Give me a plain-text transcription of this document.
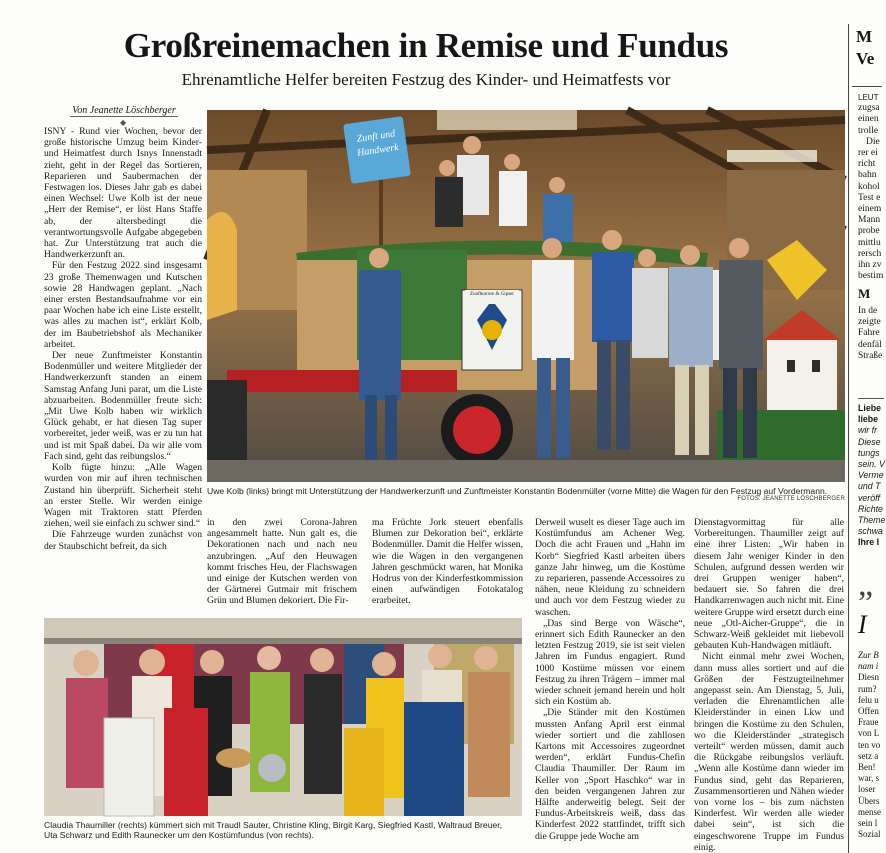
Großreinemachen in Remise und Fundus
Ehrenamtliche Helfer bereiten Festzug des Kinder- und Heimatfests vor
M
Ve
LEUT
zugsa
einen
trolle
Die
rer ei
richt
bahn
kohol
Test e
einem
Mann
probe
mittlu
rersch
ihn zv
bestim
M
In de
zeigte
Fahre
denfäl
Straße
Liebe
liebe
wir fr
Diese
tungs
sein. V
Verme
und T
veröff
Richte
Theme
schwa
Ihre I
„
I
Zur B
nam i
Diesn
rum?
felu u
Offen
Fraue
von L
ten vo
setz a
Ben!
war, s
loser
Übers
mense
sein l
Sozial
Von Jeanette Löschberger
◆

ISNY - Rund vier Wochen, bevor der große historische Umzug beim Kinder- und Heimatfest durch Isnys Innenstadt zieht, geht in der Regel das Sortieren, Reparieren und Saubermachen der Festwagen los. Dieses Jahr gab es dabei einen Wechsel: Uwe Kolb ist der neue „Herr der Remise“, er löst Hans Staffe ab, der altersbedingt die verantwortungsvolle Aufgabe abgegeben hat. Zur Unterstützung trat auch die Handwerkerzunft an.

Für den Festzug 2022 sind insgesamt 23 große Themenwagen und Kutschen sowie 28 Handwagen geplant. „Nach einer ersten Bestandsaufnahme vor ein paar Wochen habe ich eine Liste erstellt, was alles zu machen ist“, erklärt Kolb, der im Baubetriebshof als Mechaniker arbeitet.

Der neue Zunftmeister Konstantin Bodenmüller und weitere Mitglieder der Handwerkerzunft standen an einem Samstag Anfang Juni parat, um die Liste abzuarbeiten. Bodenmüller freute sich: „Mit Uwe Kolb haben wir wirklich Glück gehabt, er hat diesen Tag super vorbereitet, jeder weiß, was er zu tun hat und ist mit Spaß dabei. Da wir alle vom Fach sind, geht das reibungslos.“

Kolb fügte hinzu: „Alle Wagen wurden von mir auf ihren technischen Zustand hin überprüft. Sicherheit steht an erster Stelle. Wir werden einige Wagen mit Traktoren statt Pferden ziehen, weil sie einfach zu schwer sind.“

Die Fahrzeuge wurden zunächst von der Staubschicht befreit, da sich

Zunft und Handwerk
Zunftkorore & Gipser
Uwe Kolb (links) bringt mit Unterstützung der Handwerkerzunft und Zunftmeister Konstantin Bodenmüller (vorne Mitte) die Wagen für den Festzug auf Vordermann.
FOTOS: JEANETTE LÖSCHBERGER

in den zwei Corona-Jahren angesammelt hatte. Nun galt es, die Dekorationen nach und nach neu anzubringen. „Auf den Heuwagen kommt frisches Heu, der Flachswagen und einige der Kutschen werden von der Gärtnerei Gutmair mit frischem Grün und Blumen dekoriert. Die Fir-

ma Früchte Jork steuert ebenfalls Blumen zur Dekoration bei“, erklärte Bodenmüller. Damit die Helfer wissen, wie die Wagen in den vergangenen Jahren geschmückt waren, hat Monika Hodrus von der Kinderfestkommission einen aufwändigen Fotokatalog erarbeitet.

Claudia Thaumiller (rechts) kümmert sich mit Traudl Sauter, Christine Kling, Birgit Karg, Siegfried Kastl, Waltraud Breuer, Uta Schwarz und Edith Raunecker um den Kostümfundus (von rechts).

Derweil wuselt es dieser Tage auch im Kostümfundus am Achener Weg. Doch die acht Frauen und „Hahn im Korb“ Siegfried Kastl arbeiten übers ganze Jahr hinweg, um die Kostüme zu reparieren, passende Accessoires zu nähen, neue Kleidung zu schneidern und auch vor dem Festzug wieder zu waschen.

„Das sind Berge von Wäsche“, erinnert sich Edith Raunecker an den letzten Festzug 2019, sie ist seit vielen Jahren im Fundus engagiert. Rund 1000 Kostüme müssen vor einem Festzug zu ihren Trägern – immer mal wieder schneit jemand herein und holt sich ein Kostüm ab.

„Die Ständer mit den Kostümen mussten Anfang April erst einmal wieder sortiert und die zahllosen Kartons mit Accessoires zugeordnet werden“, erklärt Fundus-Chefin Claudia Thaumiller. Der Raum im Keller von „Sport Haschko“ war in den beiden vergangenen Jahren zur Hälfte anderweitig belegt. Seit der Fundus-Arbeitskreis weiß, dass das Kinderfest 2022 stattfindet, trifft sich die Gruppe jede Woche am

Dienstagvormittag für alle Vorbereitungen. Thaumiller zeigt auf eine ihrer Listen: „Wir haben in diesem Jahr weniger Kinder in den Schulen, aufgrund dessen werden wir drei Gruppen weniger haben“, bedauert sie. So fahren die drei Handkarrenwagen auch nicht mit. Eine weitere Gruppe wird ersetzt durch eine neue „Otl-Aicher-Gruppe“, die in Schwarz-Weiß gekleidet mit liebevoll gebauten Kuh-Handwagen mitläuft.

Nicht einmal mehr zwei Wochen, dann muss alles sortiert und auf die Größen der Festzugteilnehmer angepasst sein. Am Dienstag, 5. Juli, verladen die Ehrenamtlichen alle Kleiderständer in einen Lkw und bringen die Kostüme zu den Schulen, wo die Kleiderständer „strategisch verteilt“ werden müssen, damit auch die Rückgabe reibungslos verläuft. „Wenn alle Kostüme dann wieder im Fundus sind, geht das Reparieren, Zusammensortieren und Nähen wieder von vorne los – bis zum nächsten Kinderfest. Wir werden alle wieder dabei sein“, ist sich die eingeschworene Truppe im Fundus einig.
